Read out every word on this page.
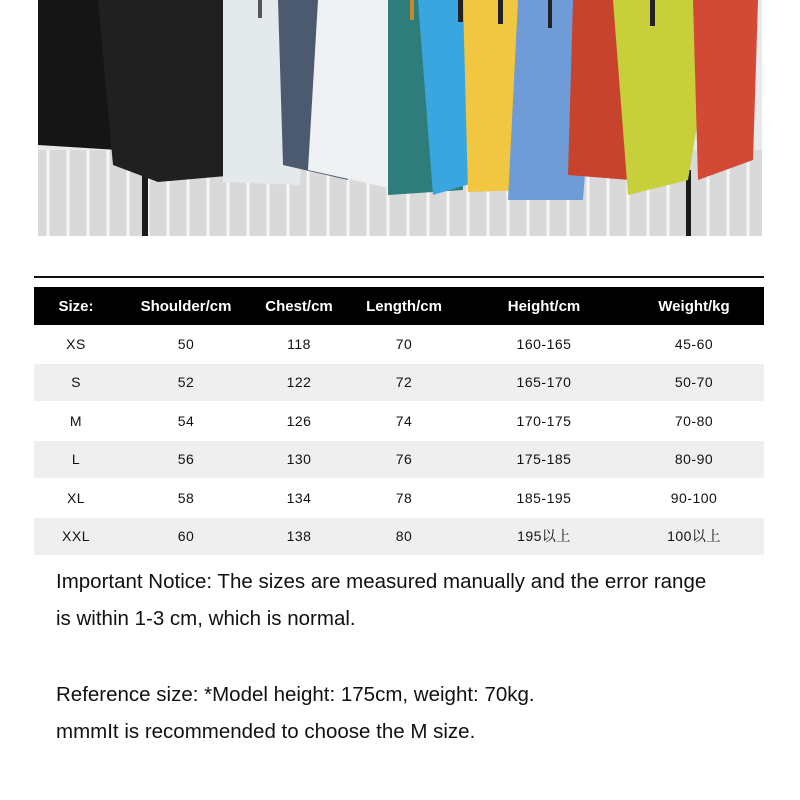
Size:	Shoulder/cm	Chest/cm	Length/cm	Height/cm	Weight/kg
XS	50	118	70	160-165	45-60
S	52	122	72	165-170	50-70
M	54	126	74	170-175	70-80
L	56	130	76	175-185	80-90
XL	58	134	78	185-195	90-100
XXL	60	138	80	195以上	100以上
Important Notice: The sizes are measured manually and the error range
is within 1-3 cm, which is normal.
Reference size: *Model height: 175cm, weight: 70kg.
mmmIt is recommended to choose the M size.
